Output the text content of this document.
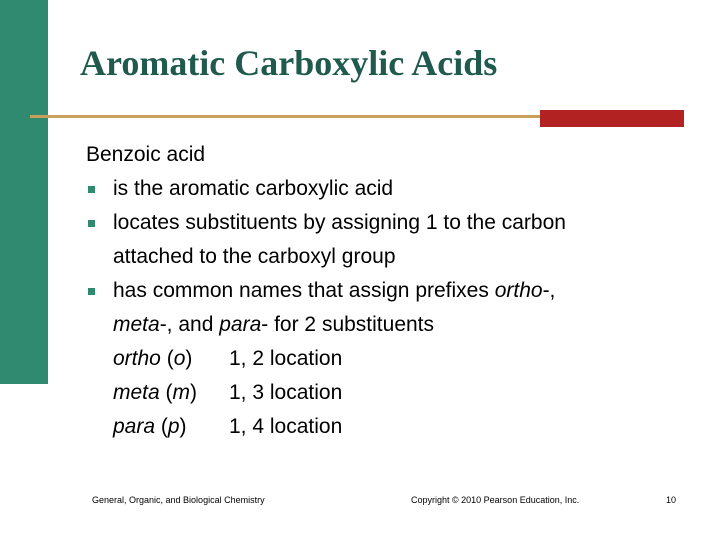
Aromatic Carboxylic Acids
Benzoic acid
is the aromatic carboxylic acid
locates substituents by assigning 1 to the carbon
attached to the carboxyl group
has common names that assign prefixes ortho-,
meta-, and para- for 2 substituents
ortho (o) 1, 2 location
meta (m) 1, 3 location
para (p) 1, 4 location
General, Organic, and Biological Chemistry	Copyright © 2010 Pearson Education, Inc.	10
